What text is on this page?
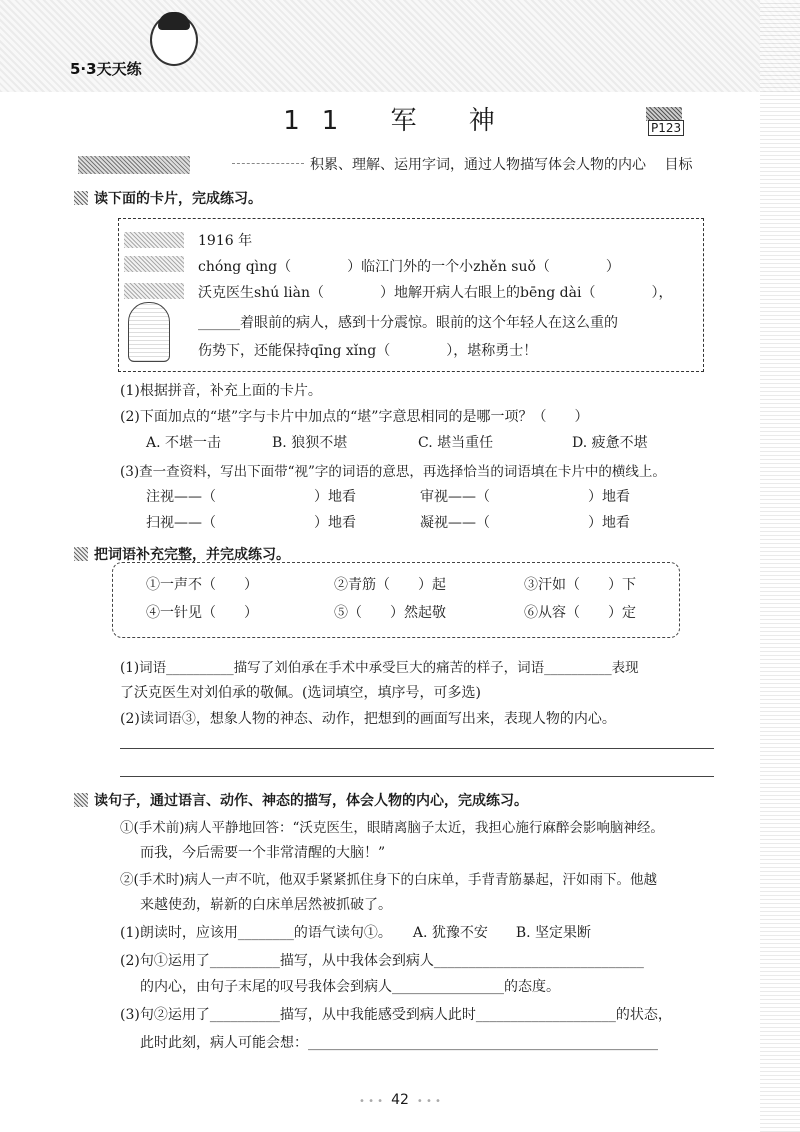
5·3天天练
11 军 神	P123
积累、理解、运用字词，通过人物描写体会人物的内心 目标
读下面的卡片，完成练习。
1916 年
chóng qìng（　　　　）临江门外的一个小zhěn suǒ（　　　　）
沃克医生shú liàn（　　　　）地解开病人右眼上的bēng dài（　　　　），
______着眼前的病人，感到十分震惊。眼前的这个年轻人在这么重的
伤势下，还能保持qīng xǐng（　　　　），堪称勇士！
(1)根据拼音，补充上面的卡片。
(2)下面加点的“堪”字与卡片中加点的“堪”字意思相同的是哪一项？（　　）
A. 不堪一击	B. 狼狈不堪	C. 堪当重任	D. 疲惫不堪
(3)查一查资料，写出下面带“视”字的词语的意思，再选择恰当的词语填在卡片中的横线上。
注视——（　　　　　　　）地看	审视——（　　　　　　　）地看
扫视——（　　　　　　　）地看	凝视——（　　　　　　　）地看
把词语补充完整，并完成练习。
①一声不（　　）	②青筋（　　）起	③汗如（　　）下
④一针见（　　）	⑤（　　）然起敬	⑥从容（　　）定
(1)词语__________描写了刘伯承在手术中承受巨大的痛苦的样子，词语__________表现
了沃克医生对刘伯承的敬佩。(选词填空，填序号，可多选)
(2)读词语③，想象人物的神态、动作，把想到的画面写出来，表现人物的内心。
读句子，通过语言、动作、神态的描写，体会人物的内心，完成练习。
①(手术前)病人平静地回答：“沃克医生，眼睛离脑子太近，我担心施行麻醉会影响脑神经。
而我，今后需要一个非常清醒的大脑！”
②(手术时)病人一声不吭，他双手紧紧抓住身下的白床单，手背青筋暴起，汗如雨下。他越
来越使劲，崭新的白床单居然被抓破了。
(1)朗读时，应该用________的语气读句①。　　A. 犹豫不安　　B. 坚定果断
(2)句①运用了__________描写，从中我体会到病人______________________________
的内心，由句子末尾的叹号我体会到病人________________的态度。
(3)句②运用了__________描写，从中我能感受到病人此时____________________的状态，
此时此刻，病人可能会想：__________________________________________________
• • • 42 • • •
